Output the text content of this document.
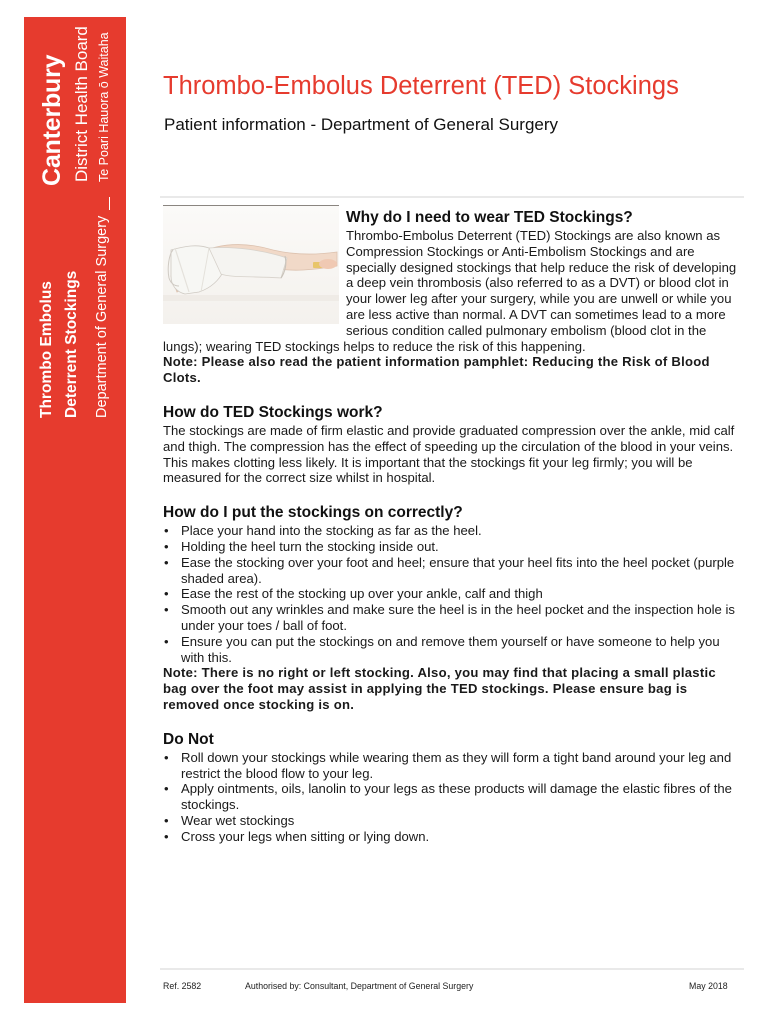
Canterbury District Health Board Te Poari Hauora ō Waitaha
Thrombo Embolus Deterrent Stockings Department of General Surgery
Thrombo-Embolus Deterrent (TED) Stockings
Patient information - Department of General Surgery
Why do I need to wear TED Stockings?

Thrombo-Embolus Deterrent (TED) Stockings are also known as Compression Stockings or Anti-Embolism Stockings and are specially designed stockings that help reduce the risk of developing a deep vein thrombosis (also referred to as a DVT) or blood clot in your lower leg after your surgery, while you are unwell or while you are less active than normal. A DVT can sometimes lead to a more serious condition called pulmonary embolism (blood clot in the lungs); wearing TED stockings helps to reduce the risk of this happening.

Note: Please also read the patient information pamphlet: Reducing the Risk of Blood Clots.

How do TED Stockings work?

The stockings are made of firm elastic and provide graduated compression over the ankle, mid calf and thigh. The compression has the effect of speeding up the circulation of the blood in your veins. This makes clotting less likely. It is important that the stockings fit your leg firmly; you will be measured for the correct size whilst in hospital.

How do I put the stockings on correctly?
• Place your hand into the stocking as far as the heel.
• Holding the heel turn the stocking inside out.
• Ease the stocking over your foot and heel; ensure that your heel fits into the heel pocket (purple shaded area).
• Ease the rest of the stocking up over your ankle, calf and thigh
• Smooth out any wrinkles and make sure the heel is in the heel pocket and the inspection hole is under your toes / ball of foot.
• Ensure you can put the stockings on and remove them yourself or have someone to help you with this.

Note: There is no right or left stocking. Also, you may find that placing a small plastic bag over the foot may assist in applying the TED stockings. Please ensure bag is removed once stocking is on.

Do Not
• Roll down your stockings while wearing them as they will form a tight band around your leg and restrict the blood flow to your leg.
• Apply ointments, oils, lanolin to your legs as these products will damage the elastic fibres of the stockings.
• Wear wet stockings
• Cross your legs when sitting or lying down.
Ref. 2582	Authorised by: Consultant, Department of General Surgery	May 2018
